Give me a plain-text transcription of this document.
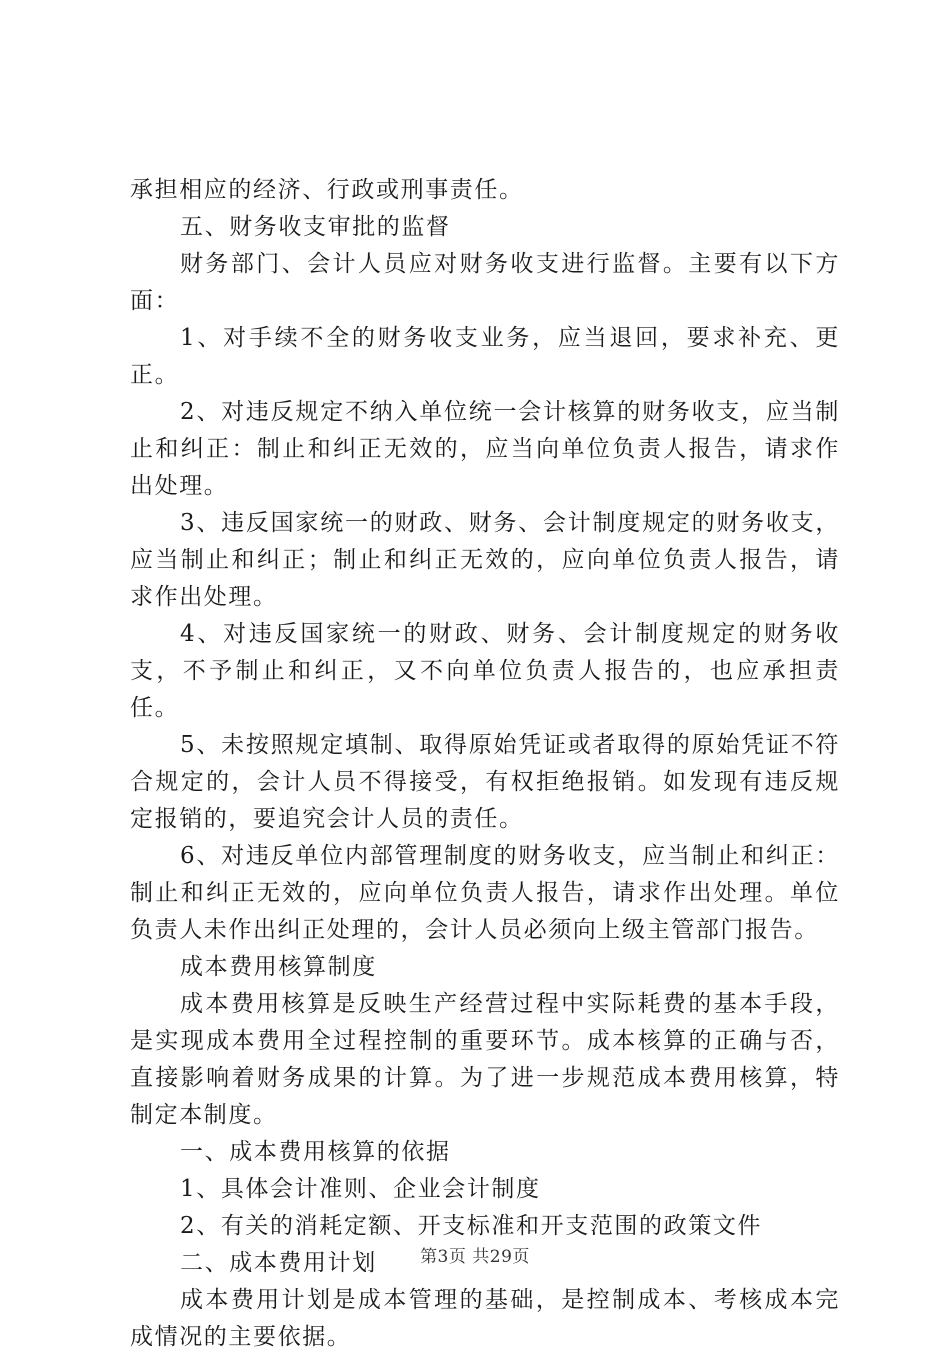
承担相应的经济、行政或刑事责任。

五、财务收支审批的监督

财务部门、会计人员应对财务收支进行监督。主要有以下方面：

1、对手续不全的财务收支业务，应当退回，要求补充、更正。

2、对违反规定不纳入单位统一会计核算的财务收支，应当制止和纠正：制止和纠正无效的，应当向单位负责人报告，请求作出处理。

3、违反国家统一的财政、财务、会计制度规定的财务收支，应当制止和纠正；制止和纠正无效的，应向单位负责人报告，请求作出处理。

4、对违反国家统一的财政、财务、会计制度规定的财务收支，不予制止和纠正，又不向单位负责人报告的，也应承担责任。

5、未按照规定填制、取得原始凭证或者取得的原始凭证不符合规定的，会计人员不得接受，有权拒绝报销。如发现有违反规定报销的，要追究会计人员的责任。

6、对违反单位内部管理制度的财务收支，应当制止和纠正：制止和纠正无效的，应向单位负责人报告，请求作出处理。单位负责人未作出纠正处理的，会计人员必须向上级主管部门报告。

成本费用核算制度

成本费用核算是反映生产经营过程中实际耗费的基本手段，是实现成本费用全过程控制的重要环节。成本核算的正确与否，直接影响着财务成果的计算。为了进一步规范成本费用核算，特制定本制度。

一、成本费用核算的依据

1、具体会计准则、企业会计制度

2、有关的消耗定额、开支标准和开支范围的政策文件

二、成本费用计划

成本费用计划是成本管理的基础，是控制成本、考核成本完成情况的主要依据。

第3页 共29页
